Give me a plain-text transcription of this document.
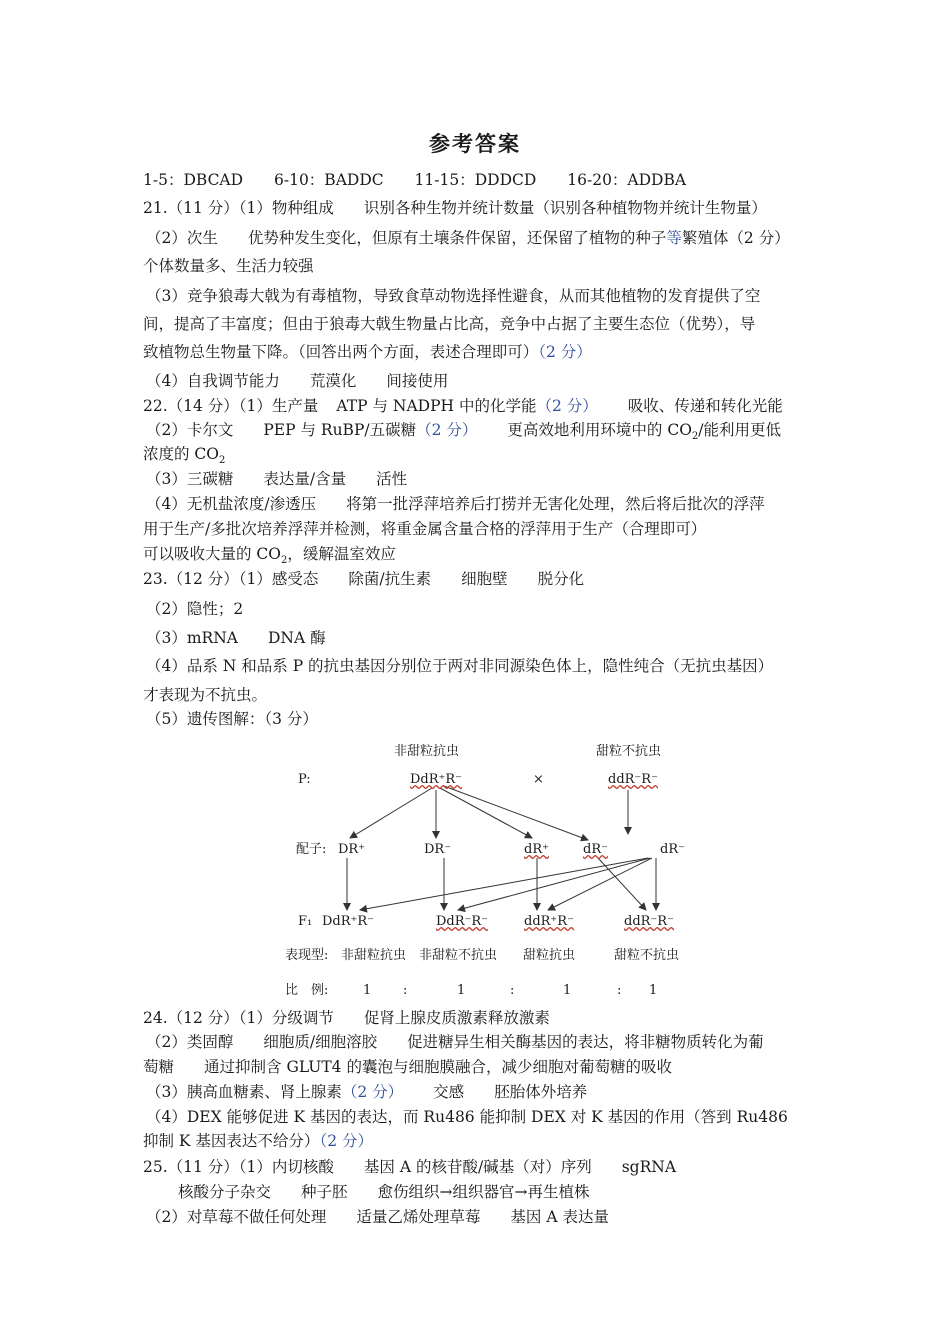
参考答案
1-5：DBCAD 6-10：BADDC 11-15：DDDCD 16-20：ADDBA
21.（11 分）（1）物种组成 识别各种生物并统计数量（识别各种植物物并统计生物量）
（2）次生 优势种发生变化，但原有土壤条件保留，还保留了植物的种子等繁殖体（2 分）
个体数量多、生活力较强
（3）竞争狼毒大戟为有毒植物，导致食草动物选择性避食，从而其他植物的发育提供了空
间，提高了丰富度；但由于狼毒大戟生物量占比高，竞争中占据了主要生态位（优势），导
致植物总生物量下降。（回答出两个方面，表述合理即可）（2 分）
（4）自我调节能力 荒漠化 间接使用
22.（14 分）（1）生产量 ATP 与 NADPH 中的化学能（2 分） 吸收、传递和转化光能
（2）卡尔文 PEP 与 RuBP/五碳糖（2 分） 更高效地利用环境中的 $CO_2/$能利用更低
浓度的 $CO_2$
（3）三碳糖 表达量/含量 活性
（4）无机盐浓度/渗透压 将第一批浮萍培养后打捞并无害化处理，然后将后批次的浮萍
用于生产/多批次培养浮萍并检测，将重金属含量合格的浮萍用于生产（合理即可）
可以吸收大量的 $CO_2$，缓解温室效应
23.（12 分）（1）感受态 除菌/抗生素 细胞壁 脱分化
（2）隐性；2
（3）mRNA DNA 酶
（4）品系 N 和品系 P 的抗虫基因分别位于两对非同源染色体上，隐性纯合（无抗虫基因）
才表现为不抗虫。
（5）遗传图解：（3 分）
非甜粒抗虫	甜粒不抗虫
P:	DdR⁺R⁻	×	ddR⁻R⁻
配子: DR⁺	DR⁻	dR⁺	dR⁻	dR⁻
F₁ DdR⁺R⁻	DdR⁻R⁻	ddR⁺R⁻	ddR⁻R⁻
表现型: 非甜粒抗虫 非甜粒不抗虫 甜粒抗虫	甜粒不抗虫
比　例:	1 :	1	:	1	: 1
24.（12 分）（1）分级调节 促肾上腺皮质激素释放激素
（2）类固醇 细胞质/细胞溶胶 促进糖异生相关酶基因的表达，将非糖物质转化为葡
萄糖 通过抑制含 GLUT4 的囊泡与细胞膜融合，减少细胞对葡萄糖的吸收
（3）胰高血糖素、肾上腺素（2 分） 交感 胚胎体外培养
（4）DEX 能够促进 K 基因的表达，而 Ru486 能抑制 DEX 对 K 基因的作用（答到 Ru486
抑制 K 基因表达不给分）（2 分）
25.（11 分）（1）内切核酸 基因 A 的核苷酸/碱基（对）序列 sgRNA
核酸分子杂交 种子胚 愈伤组织→组织器官→再生植株
（2）对草莓不做任何处理 适量乙烯处理草莓 基因 A 表达量
